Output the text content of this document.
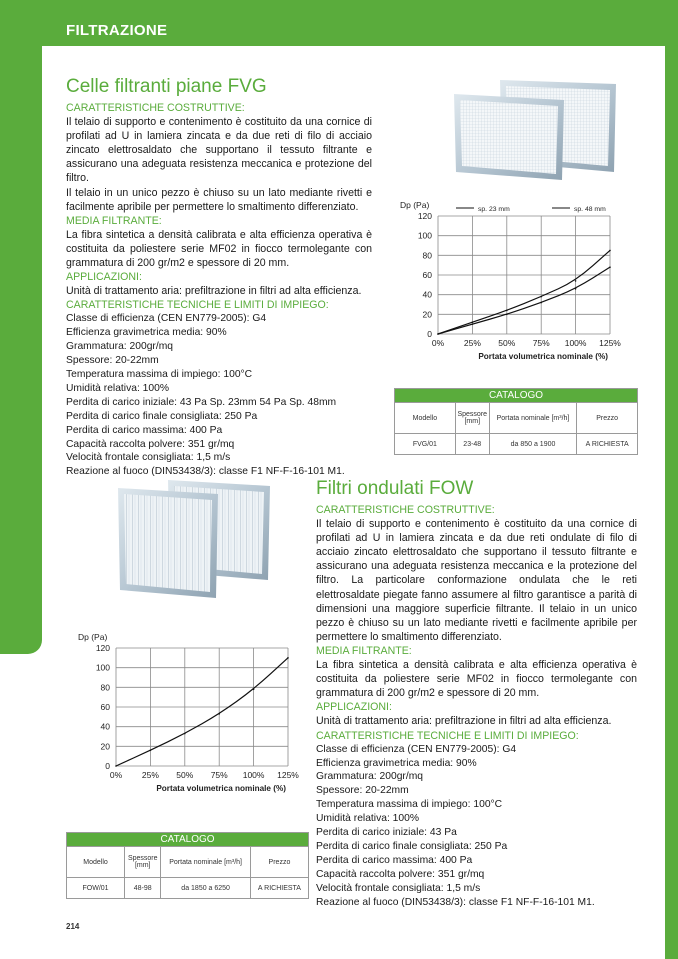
FILTRAZIONE
Celle filtranti piane FVG

CARATTERISTICHE COSTRUTTIVE:

Il telaio di supporto e contenimento è costituito da una cornice di profilati ad U in lamiera zincata e da due reti di filo di acciaio zincato elettrosaldato che supportano il tessuto filtrante e assicurano una adeguata resistenza meccanica e protezione del filtro.

Il telaio in un unico pezzo è chiuso su un lato mediante rivetti e facilmente apribile per permettere lo smaltimento differenziato.

MEDIA FILTRANTE:

La fibra sintetica a densità calibrata e alta efficienza operativa è costituita da poliestere serie MF02 in fiocco termolegante con grammatura di 200 gr/m2 e spessore di 20 mm.

APPLICAZIONI:

Unità di trattamento aria: prefiltrazione in filtri ad alta efficienza.

CARATTERISTICHE TECNICHE E LIMITI DI IMPIEGO:

Classe di efficienza (CEN EN779-2005): G4

Efficienza gravimetrica media: 90%

Grammatura: 200gr/mq

Spessore: 20-22mm

Temperatura massima di impiego: 100°C

Umidità relativa: 100%

Perdita di carico iniziale: 43 Pa Sp. 23mm 54 Pa Sp. 48mm

Perdita di carico finale consigliata: 250 Pa

Perdita di carico massima: 400 Pa

Capacità raccolta polvere: 351 gr/mq

Velocità frontale consigliata: 1,5 m/s

Reazione al fuoco (DIN53438/3): classe F1 NF-F-16-101 M1.

0
20
40
60
80
100
120
0% 25% 50% 75% 100% 125%
Dp (Pa)
Portata volumetrica nominale (%)
sp. 23 mm	sp. 48 mm
CATALOGO			
Modello	Spessore [mm]	Portata nominale [m³/h]	Prezzo
FVG/01	23-48	da 850 a 1900	A RICHIESTA
Filtri ondulati FOW

CARATTERISTICHE COSTRUTTIVE:

Il telaio di supporto e contenimento è costituito da una cornice di profilati ad U in lamiera zincata e da due reti ondulate di filo di acciaio zincato elettrosaldato che supportano il tessuto filtrante e assicurano una adeguata resistenza meccanica e la protezione del filtro. La particolare conformazione ondulata che le reti elettrosaldate piegate fanno assumere al filtro garantisce a parità di dimensioni una maggiore superficie filtrante. Il telaio in un unico pezzo è chiuso su un lato mediante rivetti e facilmente apribile per permettere lo smaltimento differenziato.

MEDIA FILTRANTE:

La fibra sintetica a densità calibrata e alta efficienza operativa è costituita da poliestere serie MF02 in fiocco termolegante con grammatura di 200 gr/m2 e spessore di 20 mm.

APPLICAZIONI:

Unità di trattamento aria: prefiltrazione in filtri ad alta efficienza.

CARATTERISTICHE TECNICHE E LIMITI DI IMPIEGO:

Classe di efficienza (CEN EN779-2005): G4

Efficienza gravimetrica media: 90%

Grammatura: 200gr/mq

Spessore: 20-22mm

Temperatura massima di impiego: 100°C

Umidità relativa: 100%

Perdita di carico iniziale: 43 Pa

Perdita di carico finale consigliata: 250 Pa

Perdita di carico massima: 400 Pa

Capacità raccolta polvere: 351 gr/mq

Velocità frontale consigliata: 1,5 m/s

Reazione al fuoco (DIN53438/3): classe F1 NF-F-16-101 M1.

0
20
40
60
80
100
120
0% 25% 50% 75% 100% 125%
Dp (Pa)
Portata volumetrica nominale (%)
CATALOGO			
Modello	Spessore [mm]	Portata nominale [m³/h]	Prezzo
FOW/01	48-98	da 1850 a 6250	A RICHIESTA
214
